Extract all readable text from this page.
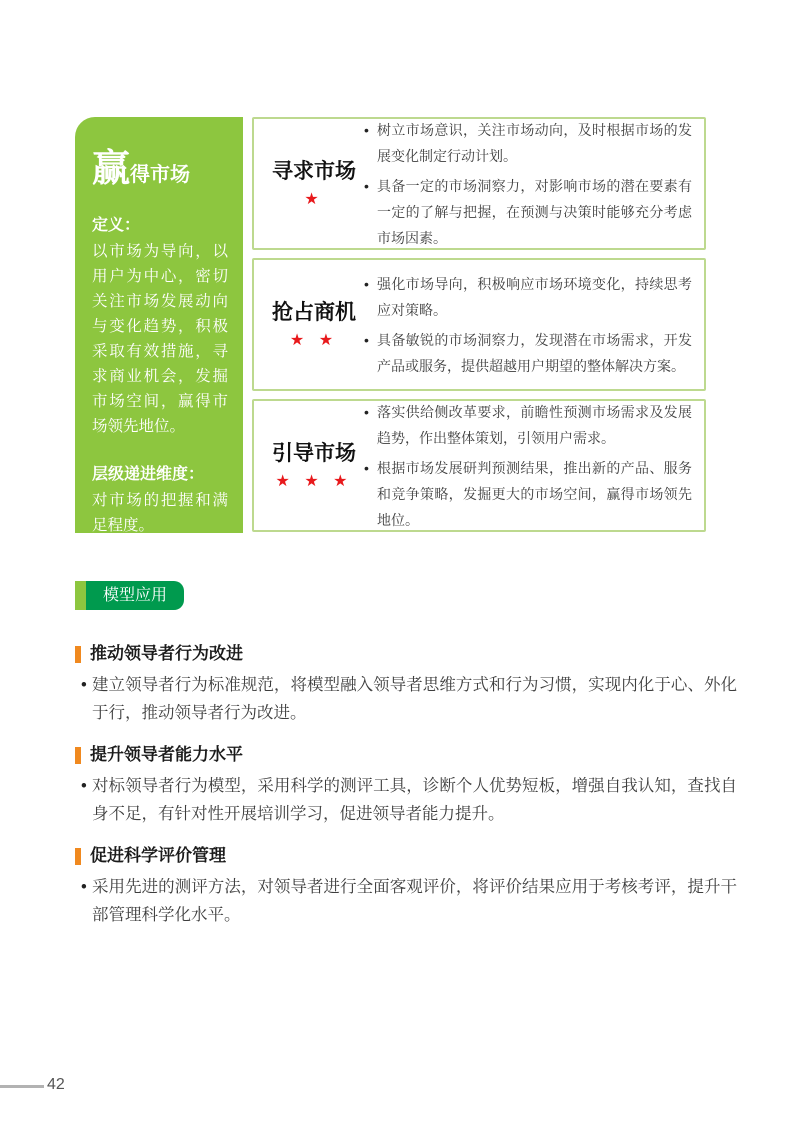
赢得市场

定义：

以市场为导向，以用户为中心，密切关注市场发展动向与变化趋势，积极采取有效措施，寻求商业机会，发掘市场空间，赢得市场领先地位。

层级递进维度：

对市场的把握和满足程度。

寻求市场
★
• 树立市场意识，关注市场动向，及时根据市场的发展变化制定行动计划。
• 具备一定的市场洞察力，对影响市场的潜在要素有一定的了解与把握，在预测与决策时能够充分考虑市场因素。
抢占商机
★ ★
• 强化市场导向，积极响应市场环境变化，持续思考应对策略。
• 具备敏锐的市场洞察力，发现潜在市场需求，开发产品或服务，提供超越用户期望的整体解决方案。
引导市场
★ ★ ★
• 落实供给侧改革要求，前瞻性预测市场需求及发展趋势，作出整体策划，引领用户需求。
• 根据市场发展研判预测结果，推出新的产品、服务和竞争策略，发掘更大的市场空间，赢得市场领先地位。
模型应用
推动领导者行为改进

• 建立领导者行为标准规范，将模型融入领导者思维方式和行为习惯，实现内化于心、外化于行，推动领导者行为改进。

提升领导者能力水平

• 对标领导者行为模型，采用科学的测评工具，诊断个人优势短板，增强自我认知，查找自身不足，有针对性开展培训学习，促进领导者能力提升。

促进科学评价管理

• 采用先进的测评方法，对领导者进行全面客观评价，将评价结果应用于考核考评，提升干部管理科学化水平。

42
